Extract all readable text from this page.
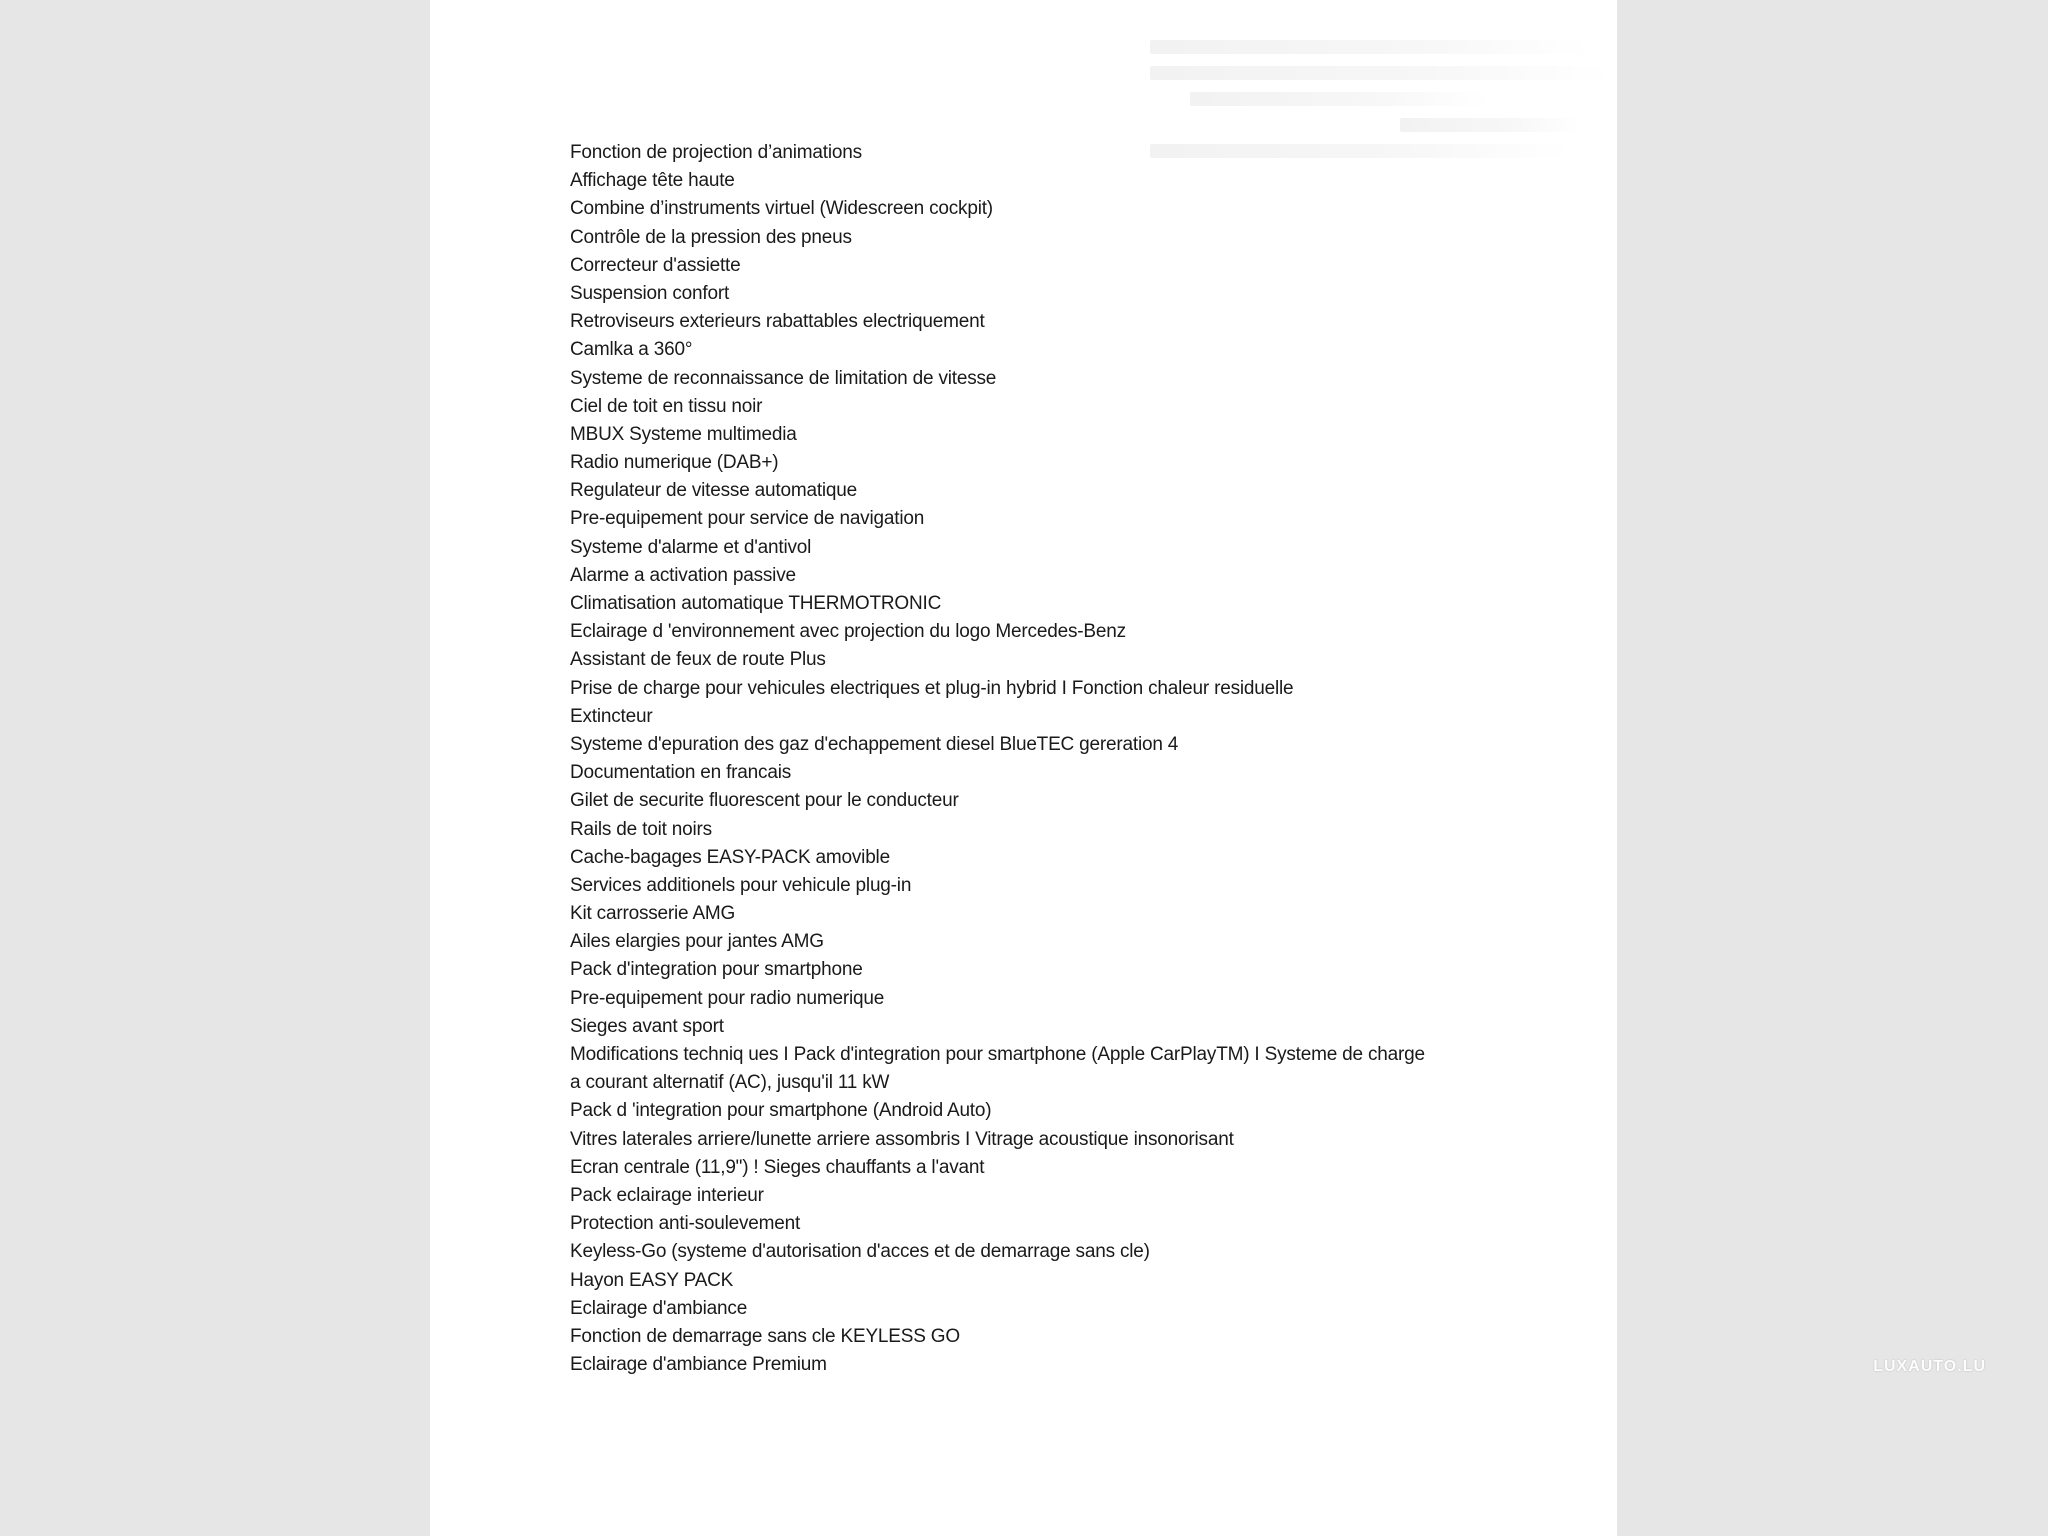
Fonction de projection d’animations
Affichage tête haute
Combine d’instruments virtuel (Widescreen cockpit)
Contrôle de la pression des pneus
Correcteur d'assiette
Suspension confort
Retroviseurs exterieurs rabattables electriquement
Camlka a 360°
Systeme de reconnaissance de limitation de vitesse
Ciel de toit en tissu noir
MBUX Systeme multimedia
Radio numerique (DAB+)
Regulateur de vitesse automatique
Pre-equipement pour service de navigation
Systeme d'alarme et d'antivol
Alarme a activation passive
Climatisation automatique THERMOTRONIC
Eclairage d 'environnement avec projection du logo Mercedes-Benz
Assistant de feux de route Plus
Prise de charge pour vehicules electriques et plug-in hybrid I Fonction chaleur residuelle
Extincteur
Systeme d'epuration des gaz d'echappement diesel BlueTEC gereration 4
Documentation en francais
Gilet de securite fluorescent pour le conducteur
Rails de toit noirs
Cache-bagages EASY-PACK amovible
Services additionels pour vehicule plug-in
Kit carrosserie AMG
Ailes elargies pour jantes AMG
Pack d'integration pour smartphone
Pre-equipement pour radio numerique
Sieges avant sport
Modifications techniq ues I Pack d'integration pour smartphone (Apple CarPlayTM) I Systeme de charge
a courant alternatif (AC), jusqu'il 11 kW
Pack d 'integration pour smartphone (Android Auto)
Vitres laterales arriere/lunette arriere assombris I Vitrage acoustique insonorisant
Ecran centrale (11,9") ! Sieges chauffants a l'avant
Pack eclairage interieur
Protection anti-soulevement
Keyless-Go (systeme d'autorisation d'acces et de demarrage sans cle)
Hayon EASY PACK
Eclairage d'ambiance
Fonction de demarrage sans cle KEYLESS GO
Eclairage d'ambiance Premium	LUXAUTO.LU
